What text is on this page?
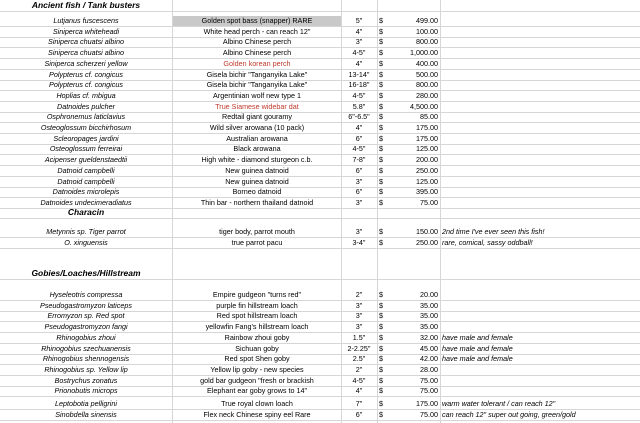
Ancient fish / Tank busters
Characin
Gobies/Loaches/Hillstream
Lutjanus fuscescens	Golden spot bass (snapper) RARE	5"	$	499.00
Siniperca whiteheadi	White head perch - can reach 12"	4"	$	100.00
Siniperca chuatsi albino	Albino Chinese perch	3"	$	800.00
Siniperca chuatsi albino	Albino Chinese perch	4-5"	$	1,000.00
Siniperca scherzeri yellow	Golden korean perch	4"	$	400.00
Polypterus cf. congicus	Gisela bichir "Tanganyika Lake"	13-14"	$	500.00
Polypterus cf. congicus	Gisela bichir "Tanganyika Lake"	16-18"	$	800.00
Hoplias cf. mbigua	Argentinian wolf new type 1	4-5"	$	280.00
Datnoides pulcher	True Siamese widebar dat	5.8"	$	4,500.00
Osphronemus laticlavius	Redtail giant gouramy	6"-6.5"	$	85.00
Osteoglossum bicchirhosum	Wild silver arowana (10 pack)	4"	$	175.00
Scleoropages jardini	Australian arowana	6"	$	175.00
Osteoglossum ferreirai	Black arowana	4-5"	$	125.00
Acipenser gueldenstaedtii	High white - diamond sturgeon c.b.	7-8"	$	200.00
Datnoid campbelli	New guinea datnoid	6"	$	250.00
Datnoid campbelli	New guinea datnoid	3"	$	125.00
Datnoides microlepis	Borneo datnoid	6"	$	395.00
Datnoides undecimeradiatus	Thin bar - northern thailand datnoid	3"	$	75.00
Metynnis sp. Tiger parrot	tiger body, parrot mouth	3"	$	150.00 2nd time I've ever seen this fish!
O. xinguensis	true parrot pacu	3-4"	$	250.00 rare, comical, sassy oddball!
Hyseleotris compressa	Empire gudgeon "turns red"	2"	$	20.00
Pseudogastromyzon laticeps	purple fin hillstream loach	3"	$	35.00
Erromyzon sp. Red spot	Red spot hillstream loach	3"	$	35.00
Pseudogastromyzon fangi	yellowfin Fang's hillstream loach	3"	$	35.00
Rhinogobius zhoui	Rainbow zhoui goby	1.5"	$	32.00 have male and female
Rhinogobius szechuanensis	Sichuan goby	2-2.25"	$	45.00 have male and female
Rhinogobius shennogensis	Red spot Shen goby	2.5"	$	42.00 have male and female
Rhinogobius sp. Yellow lip	Yellow lip goby - new species	2"	$	28.00
Bostrychus zonatus	gold bar gudgeon "fresh or brackish	4-5"	$	75.00
Prionobutis microps	Elephant ear goby grows to 14"	4"	$	75.00
Leptobotia pelligrini	True royal clown loach	7"	$	175.00 warm water tolerant / can reach 12"
Sinobdella sinensis	Flex neck Chinese spiny eel Rare	6"	$	75.00 can reach 12" super out going, green/gold
